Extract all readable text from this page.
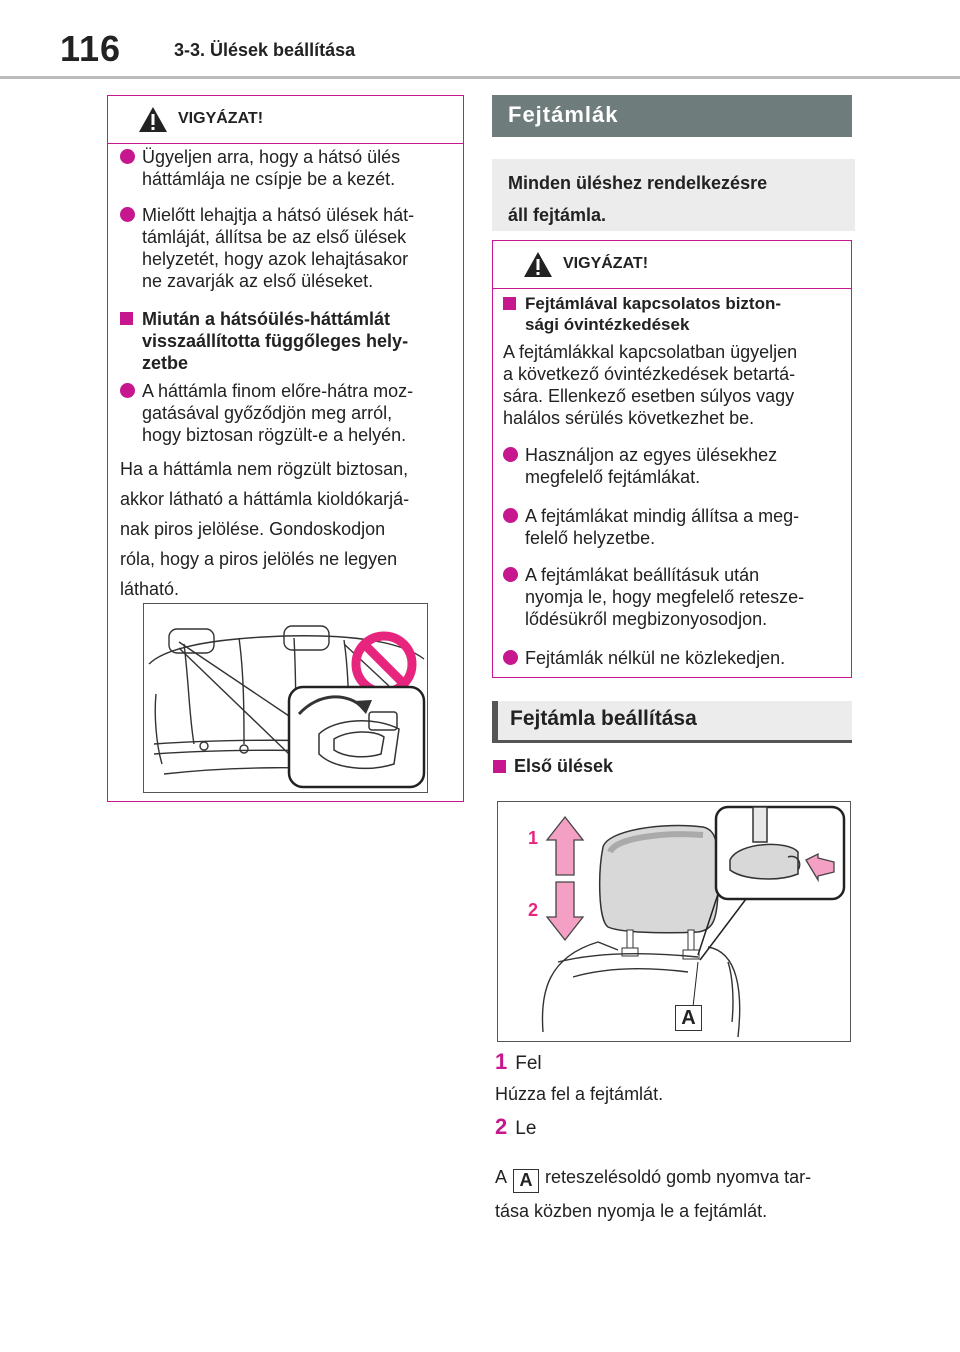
116	3-3. Ülések beállítása
VIGYÁZAT!
Ügyeljen arra, hogy a hátsó ülés
háttámlája ne csípje be a kezét.
Mielőtt lehajtja a hátsó ülések hát-
támláját, állítsa be az első ülések
helyzetét, hogy azok lehajtásakor
ne zavarják az első üléseket.
Miután a hátsóülés-háttámlát
visszaállította függőleges hely-
zetbe
A háttámla finom előre-hátra moz-
gatásával győződjön meg arról,
hogy biztosan rögzült-e a helyén.
Ha a háttámla nem rögzült biztosan,
akkor látható a háttámla kioldókarjá-
nak piros jelölése. Gondoskodjon
róla, hogy a piros jelölés ne legyen
látható.
Fejtámlák
Minden üléshez rendelkezésre
áll fejtámla.
VIGYÁZAT!
Fejtámlával kapcsolatos bizton-
sági óvintézkedések
A fejtámlákkal kapcsolatban ügyeljen
a következő óvintézkedések betartá-
sára. Ellenkező esetben súlyos vagy
halálos sérülés következhet be.
Használjon az egyes ülésekhez
megfelelő fejtámlákat.
A fejtámlákat mindig állítsa a meg-
felelő helyzetbe.
A fejtámlákat beállításuk után
nyomja le, hogy megfelelő retesze-
lődésükről megbizonyosodjon.
Fejtámlák nélkül ne közlekedjen.
Fejtámla beállítása
Első ülések
1
2
A
1 Fel
Húzza fel a fejtámlát.
2 Le
A A reteszelésoldó gomb nyomva tar-
tása közben nyomja le a fejtámlát.
